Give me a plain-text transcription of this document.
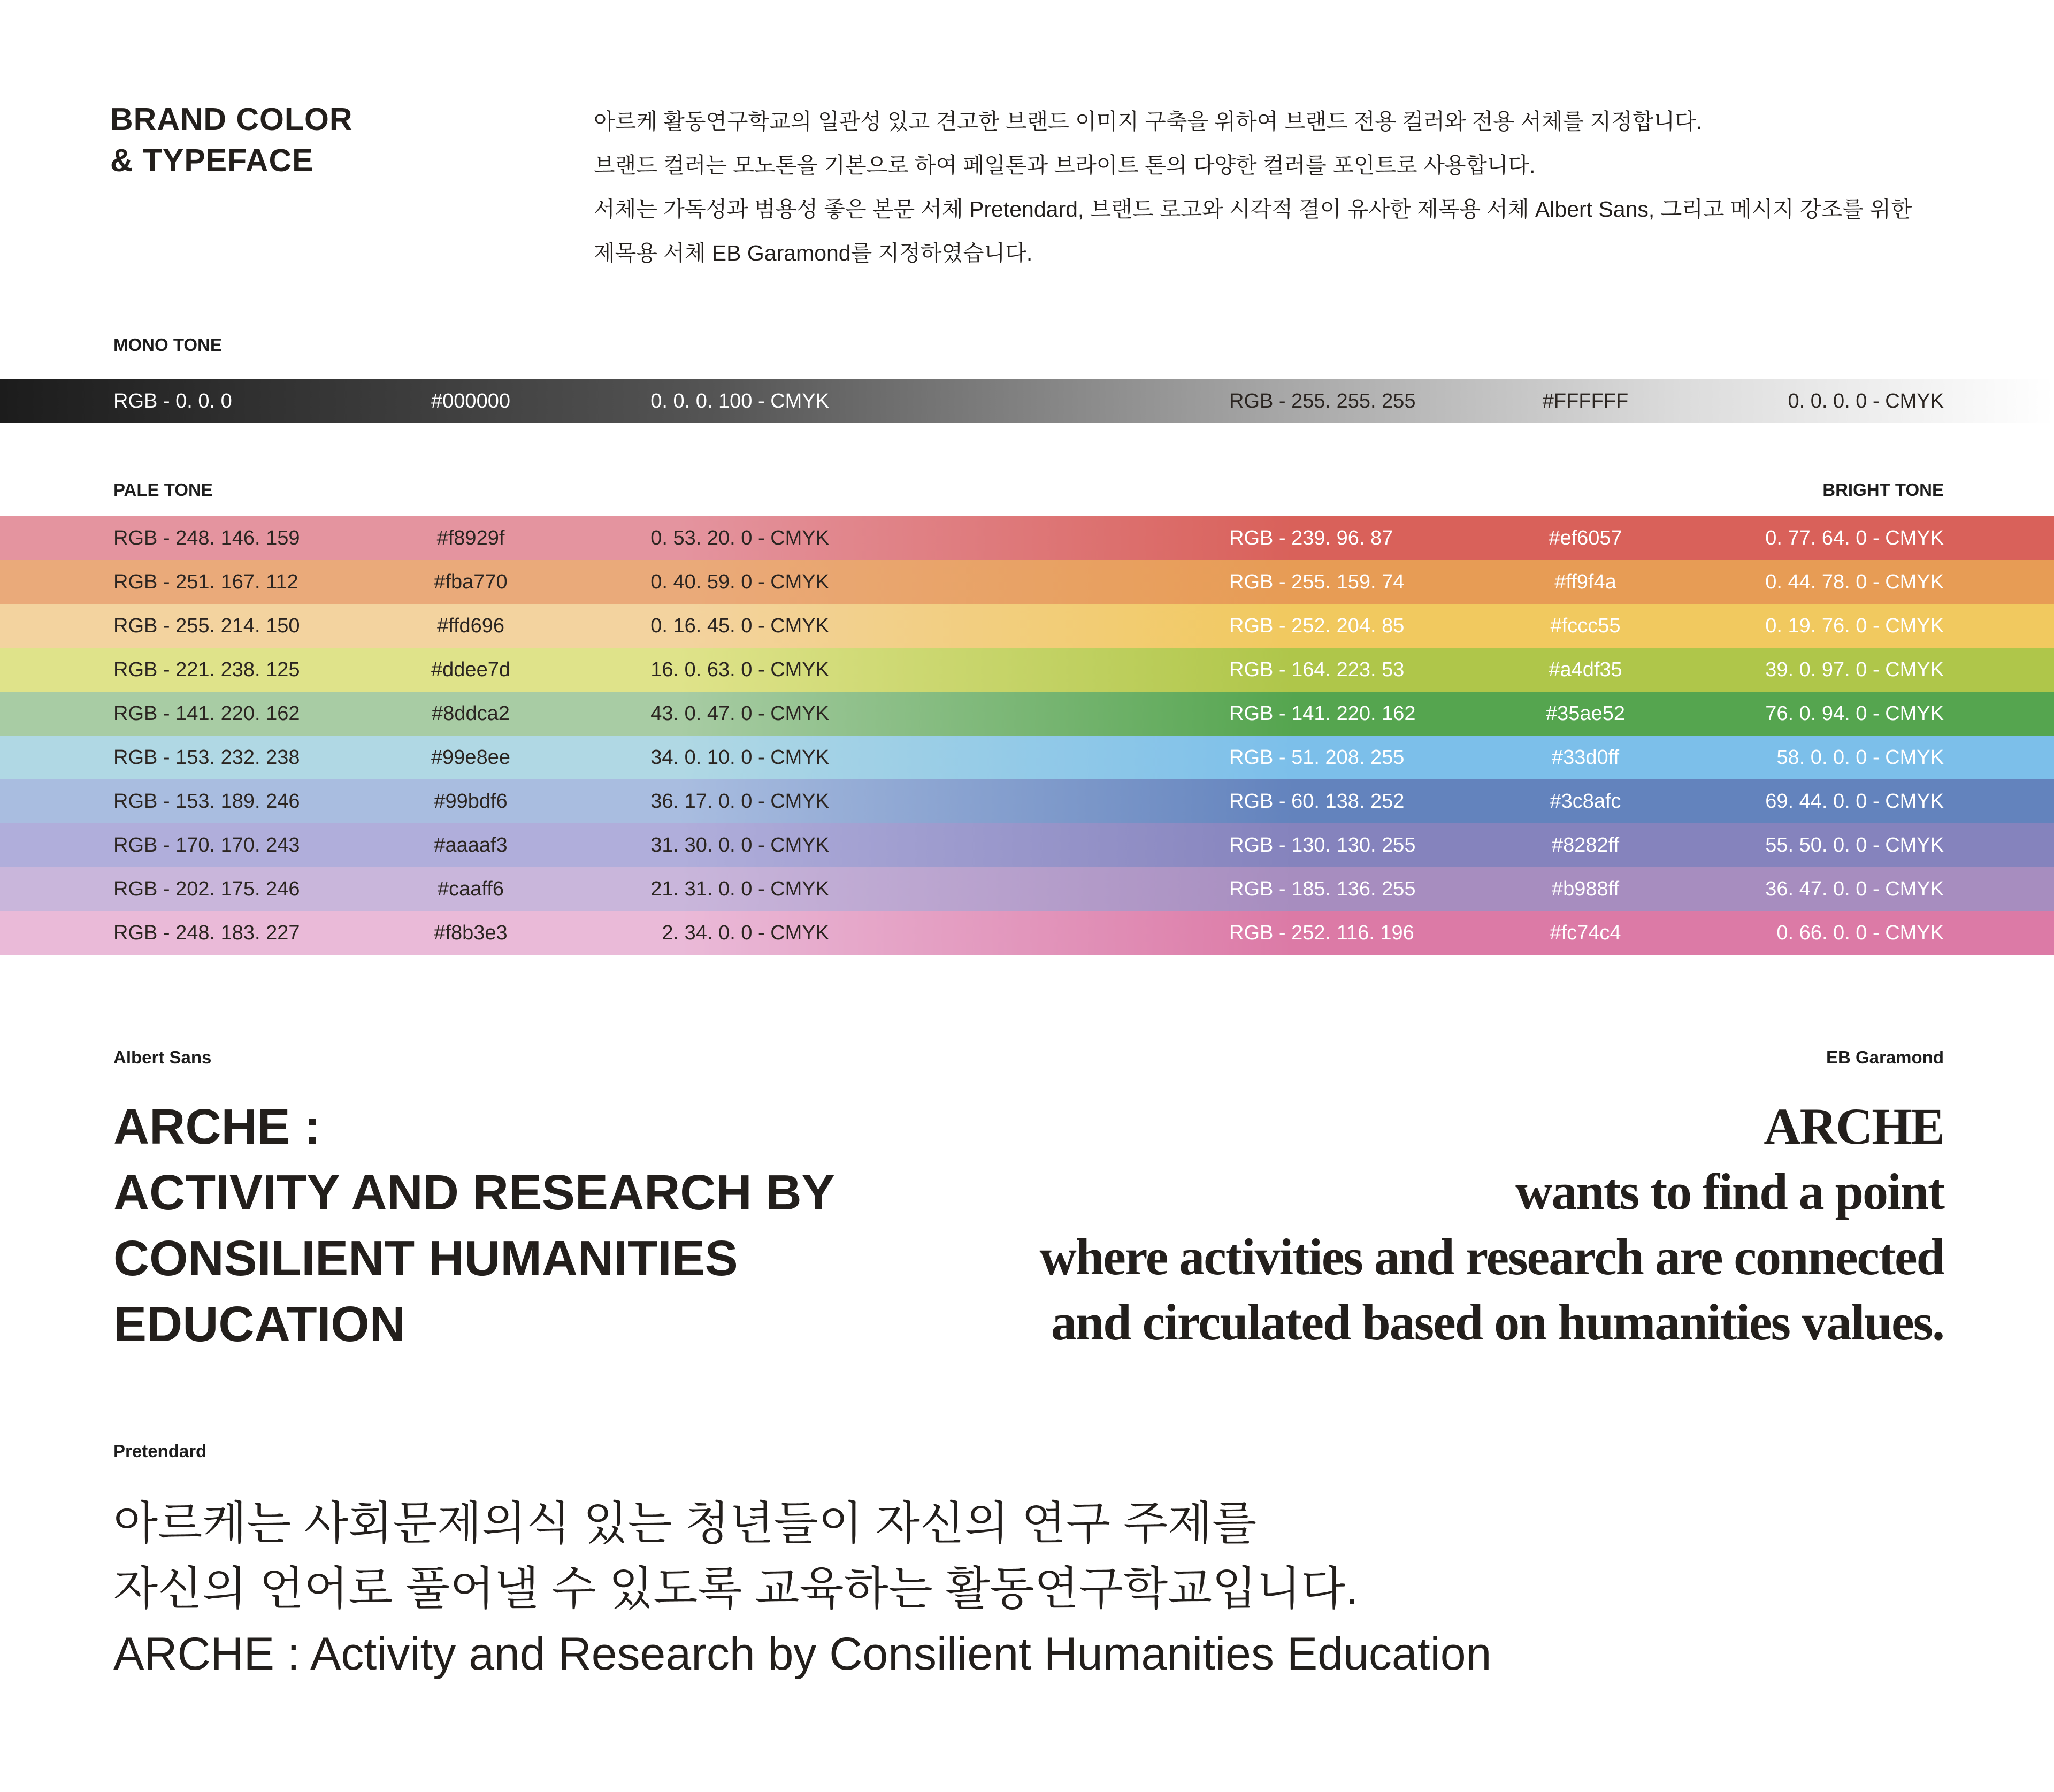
BRAND COLOR
& TYPEFACE
아르케 활동연구학교의 일관성 있고 견고한 브랜드 이미지 구축을 위하여 브랜드 전용 컬러와 전용 서체를 지정합니다.
브랜드 컬러는 모노톤을 기본으로 하여 페일톤과 브라이트 톤의 다양한 컬러를 포인트로 사용합니다.
서체는 가독성과 범용성 좋은 본문 서체 Pretendard, 브랜드 로고와 시각적 결이 유사한 제목용 서체 Albert Sans, 그리고 메시지 강조를 위한
제목용 서체 EB Garamond를 지정하였습니다.
MONO TONE
RGB - 0. 0. 0	#000000	0. 0. 0. 100 - CMYK	RGB - 255. 255. 255	#FFFFFF	0. 0. 0. 0 - CMYK
PALE TONE	BRIGHT TONE
RGB - 248. 146. 159	#f8929f	0. 53. 20. 0 - CMYK	RGB - 239. 96. 87	#ef6057	0. 77. 64. 0 - CMYK
RGB - 251. 167. 112	#fba770	0. 40. 59. 0 - CMYK	RGB - 255. 159. 74	#ff9f4a	0. 44. 78. 0 - CMYK
RGB - 255. 214. 150	#ffd696	0. 16. 45. 0 - CMYK	RGB - 252. 204. 85	#fccc55	0. 19. 76. 0 - CMYK
RGB - 221. 238. 125	#ddee7d	16. 0. 63. 0 - CMYK	RGB - 164. 223. 53	#a4df35	39. 0. 97. 0 - CMYK
RGB - 141. 220. 162	#8ddca2	43. 0. 47. 0 - CMYK	RGB - 141. 220. 162	#35ae52	76. 0. 94. 0 - CMYK
RGB - 153. 232. 238	#99e8ee	34. 0. 10. 0 - CMYK	RGB - 51. 208. 255	#33d0ff	58. 0. 0. 0 - CMYK
RGB - 153. 189. 246	#99bdf6	36. 17. 0. 0 - CMYK	RGB - 60. 138. 252	#3c8afc	69. 44. 0. 0 - CMYK
RGB - 170. 170. 243	#aaaaf3	31. 30. 0. 0 - CMYK	RGB - 130. 130. 255	#8282ff	55. 50. 0. 0 - CMYK
RGB - 202. 175. 246	#caaff6	21. 31. 0. 0 - CMYK	RGB - 185. 136. 255	#b988ff	36. 47. 0. 0 - CMYK
RGB - 248. 183. 227	#f8b3e3	2. 34. 0. 0 - CMYK	RGB - 252. 116. 196	#fc74c4	0. 66. 0. 0 - CMYK
Albert Sans	EB Garamond
ARCHE :
ACTIVITY AND RESEARCH BY
CONSILIENT HUMANITIES
EDUCATION
ARCHE
wants to find a point
where activities and research are connected
and circulated based on humanities values.
Pretendard
아르케는 사회문제의식 있는 청년들이 자신의 연구 주제를
자신의 언어로 풀어낼 수 있도록 교육하는 활동연구학교입니다.
ARCHE : Activity and Research by Consilient Humanities Education
